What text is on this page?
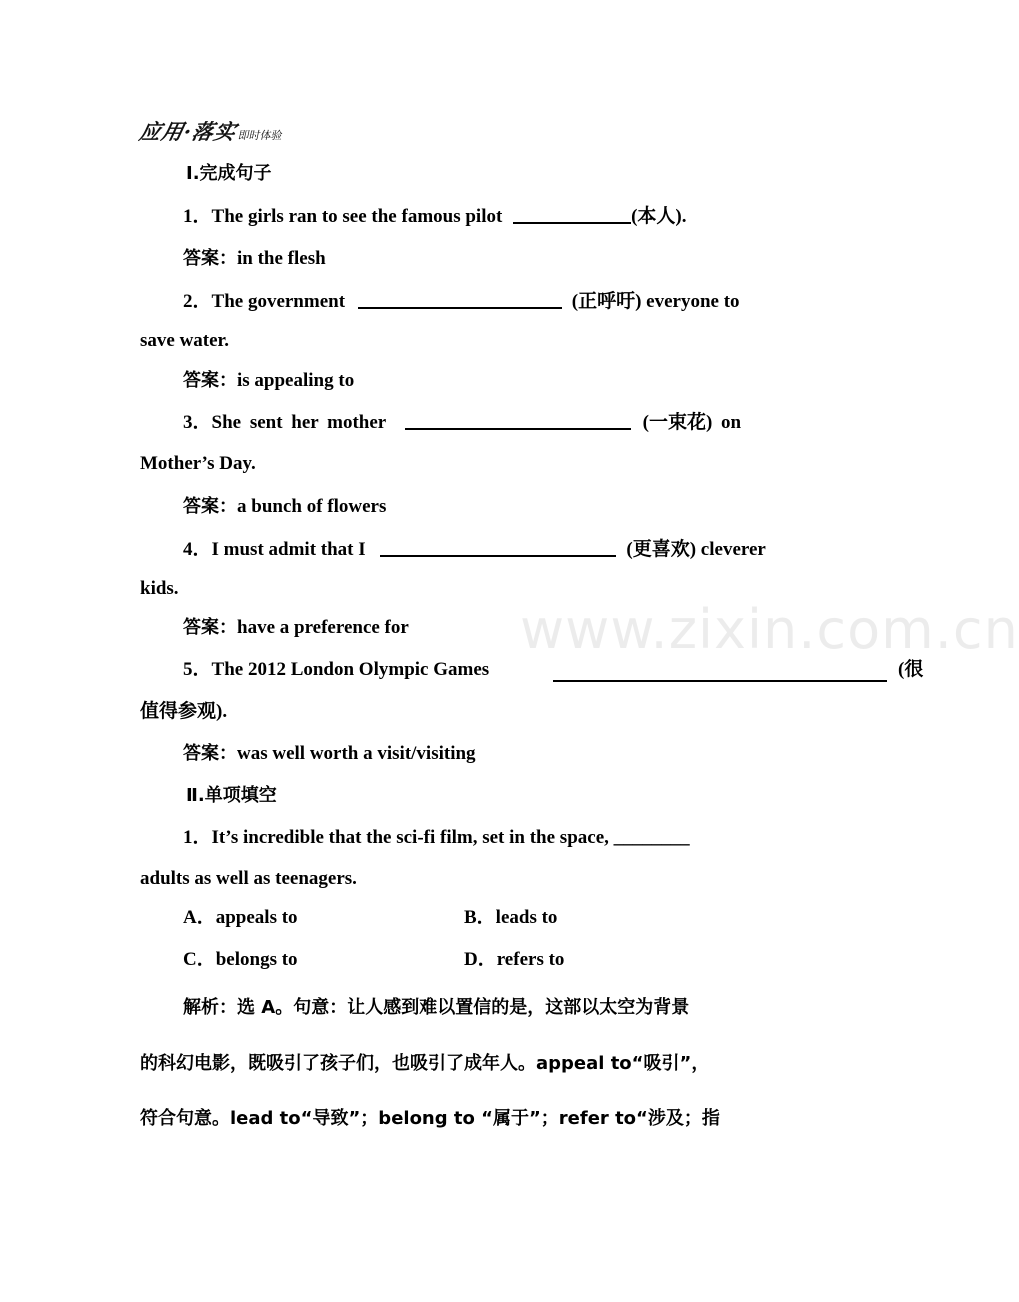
应用·落实即时体验
www.zixin.com.cn
Ⅰ.完成句子
1．The girls ran to see the famous pilot	(本人).
答案：in the flesh
2．The government	(正呼吁) everyone to
save water.
答案：is appealing to
3．She sent her mother	(一束花) on
Mother’s Day.
答案：a bunch of flowers
4．I must admit that I	(更喜欢) cleverer
kids.
答案：have a preference for
5．The 2012 London Olympic Games	(很
值得参观).
答案：was well worth a visit/visiting
Ⅱ.单项填空
1．It’s incredible that the sci-fi film, set in the space, ________
adults as well as teenagers.
A．appeals to	B．leads to
C．belongs to	D．refers to
解析：选 A。句意：让人感到难以置信的是，这部以太空为背景
的科幻电影，既吸引了孩子们，也吸引了成年人。appeal to“吸引”，
符合句意。lead to“导致”；belong to “属于”；refer to“涉及；指
